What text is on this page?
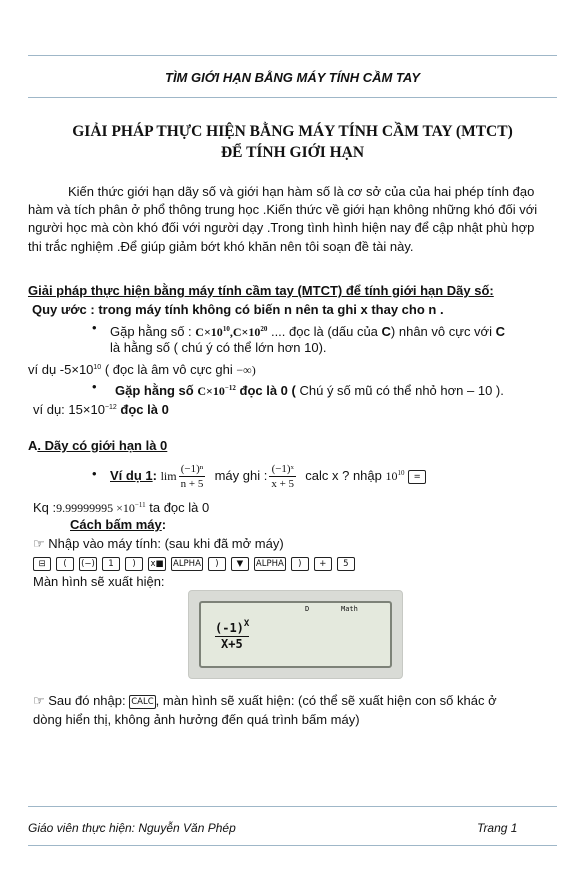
TÌM GIỚI HẠN BẰNG MÁY TÍNH CẦM TAY
GIẢI PHÁP THỰC HIỆN BẰNG MÁY TÍNH CẦM TAY (MTCT)
ĐỂ TÍNH GIỚI HẠN
Kiến thức giới hạn dãy số và giới hạn hàm số là cơ sở của của hai phép tính đạo hàm và tích phân ở phổ thông trung học .Kiến thức về giới hạn không những khó đối với người học mà còn khó đối với người dạy .Trong tình hình hiện nay để cập nhật phù hợp thi trắc nghiệm .Để giúp giảm bớt khó khăn nên tôi soạn đề tài này.
Giải pháp thực hiện bằng máy tính cầm tay (MTCT) để tính giới hạn Dãy số:
Quy ước : trong máy tính không có biến n nên ta ghi x thay cho n .
• Gặp hằng số : $C\times 10^{10},C\times 10^{20}$ .... đọc là (dấu của C) nhân vô cực với C
là hằng số ( chú ý có thể lớn hơn 10).
ví dụ $-5\times 10^{10}$ ( đọc là âm vô cực ghi −∞)
• Gặp hằng số $C\times 10^{-12}$ đọc là 0 ( Chú ý số mũ có thể nhỏ hơn – 10 ).
ví dụ: $15\times 10^{-12}$ đọc là 0
A. Dãy có giới hạn là 0
• Ví dụ 1: $\lim \frac{\text{(−1)ⁿ}}{n + 5}$ máy ghi : $\frac{\text{(−1)ˣ}}{x + 5}$ calc x ? nhập $10^{10}$ =
Kq :9.99999995 $\times 10^{-11}$ ta đọc là 0
Cách bấm máy:
☞ Nhập vào máy tính: (sau khi đã mở máy)
⊟ ( (−) 1 ) x■ ALPHA ) ▼ ALPHA ) + 5
Màn hình sẽ xuất hiện:
D	Math
$(-1)^X$
X+5
☞ Sau đó nhập: CALC , màn hình sẽ xuất hiện: (có thể sẽ xuất hiện con số khác ở
dòng hiển thị, không ảnh hưởng đến quá trình bấm máy)
Giáo viên thực hiện: Nguyễn Văn Phép	Trang 1
